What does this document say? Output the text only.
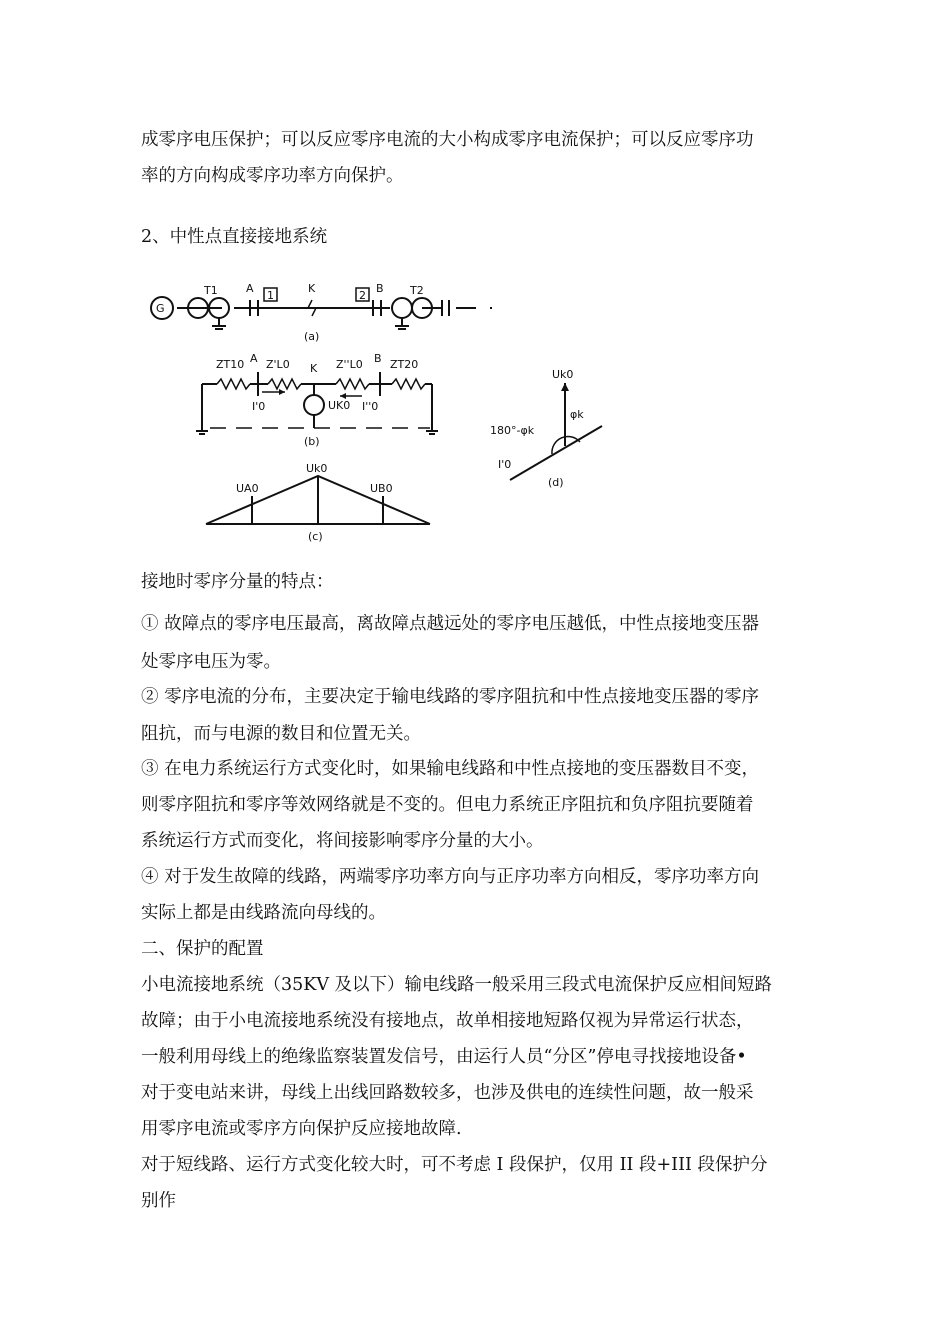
成零序电压保护；可以反应零序电流的大小构成零序电流保护；可以反应零序功

率的方向构成零序功率方向保护。

2、中性点直接接地系统

G
T1	A
1
K
2
B T2
(a)
ZT10 A Z'L0 K Z''L0 B ZT20
I'0	UK0 I''0
(b)
Uk0
UA0	UB0
(c)
Uk0
180°-φk
φk
I'0
(d)

接地时零序分量的特点：

① 故障点的零序电压最高，离故障点越远处的零序电压越低，中性点接地变压器

处零序电压为零。

② 零序电流的分布，主要决定于输电线路的零序阻抗和中性点接地变压器的零序

阻抗，而与电源的数目和位置无关。

③ 在电力系统运行方式变化时，如果输电线路和中性点接地的变压器数目不变，

则零序阻抗和零序等效网络就是不变的。但电力系统正序阻抗和负序阻抗要随着

系统运行方式而变化，将间接影响零序分量的大小。

④ 对于发生故障的线路，两端零序功率方向与正序功率方向相反，零序功率方向

实际上都是由线路流向母线的。

二、保护的配置

小电流接地系统（35KV 及以下）输电线路一般采用三段式电流保护反应相间短路

故障；由于小电流接地系统没有接地点，故单相接地短路仅视为异常运行状态，

一般利用母线上的绝缘监察装置发信号，由运行人员“分区”停电寻找接地设备•

对于变电站来讲，母线上出线回路数较多，也涉及供电的连续性问题，故一般采

用零序电流或零序方向保护反应接地故障.

对于短线路、运行方式变化较大时，可不考虑 I 段保护，仅用 II 段+III 段保护分

别作
